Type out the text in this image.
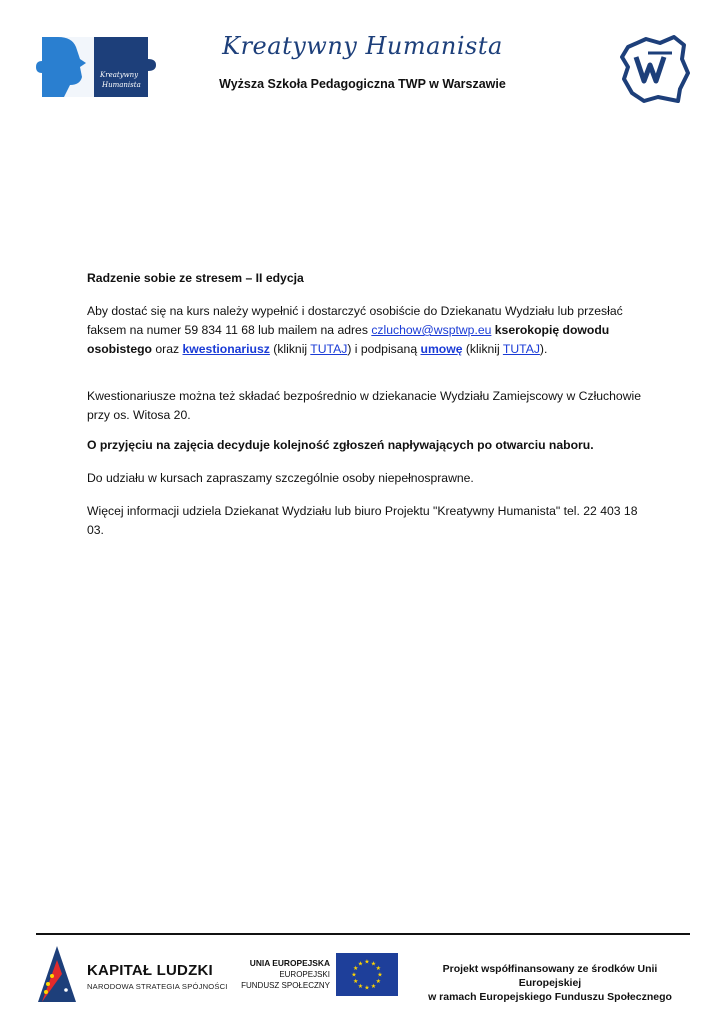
Kreatywny
Humanista
Kreatywny Humanista
Wyższa Szkoła Pedagogiczna TWP w Warszawie
Radzenie sobie ze stresem – II edycja
Aby dostać się na kurs należy wypełnić i dostarczyć osobiście do Dziekanatu Wydziału lub przesłać faksem na numer 59 834 11 68 lub mailem na adres czluchow@wsptwp.eu kserokopię dowodu osobistego oraz kwestionariusz (kliknij TUTAJ) i podpisaną umowę (kliknij TUTAJ).
Kwestionariusze można też składać bezpośrednio w dziekanacie Wydziału Zamiejscowy w Człuchowie przy os. Witosa 20.
O przyjęciu na zajęcia decyduje kolejność zgłoszeń napływających po otwarciu naboru.
Do udziału w kursach zapraszamy szczególnie osoby niepełnosprawne.
Więcej informacji udziela Dziekanat Wydziału lub biuro Projektu "Kreatywny Humanista" tel. 22 403 18 03.
KAPITAŁ LUDZKI
NARODOWA STRATEGIA SPÓJNOŚCI
UNIA EUROPEJSKA
EUROPEJSKI
FUNDUSZ SPOŁECZNY
★ ★
★
★
★
★
★
★
★
★
★
★	Projekt współfinansowany ze środków Unii Europejskiej
w ramach Europejskiego Funduszu Społecznego
